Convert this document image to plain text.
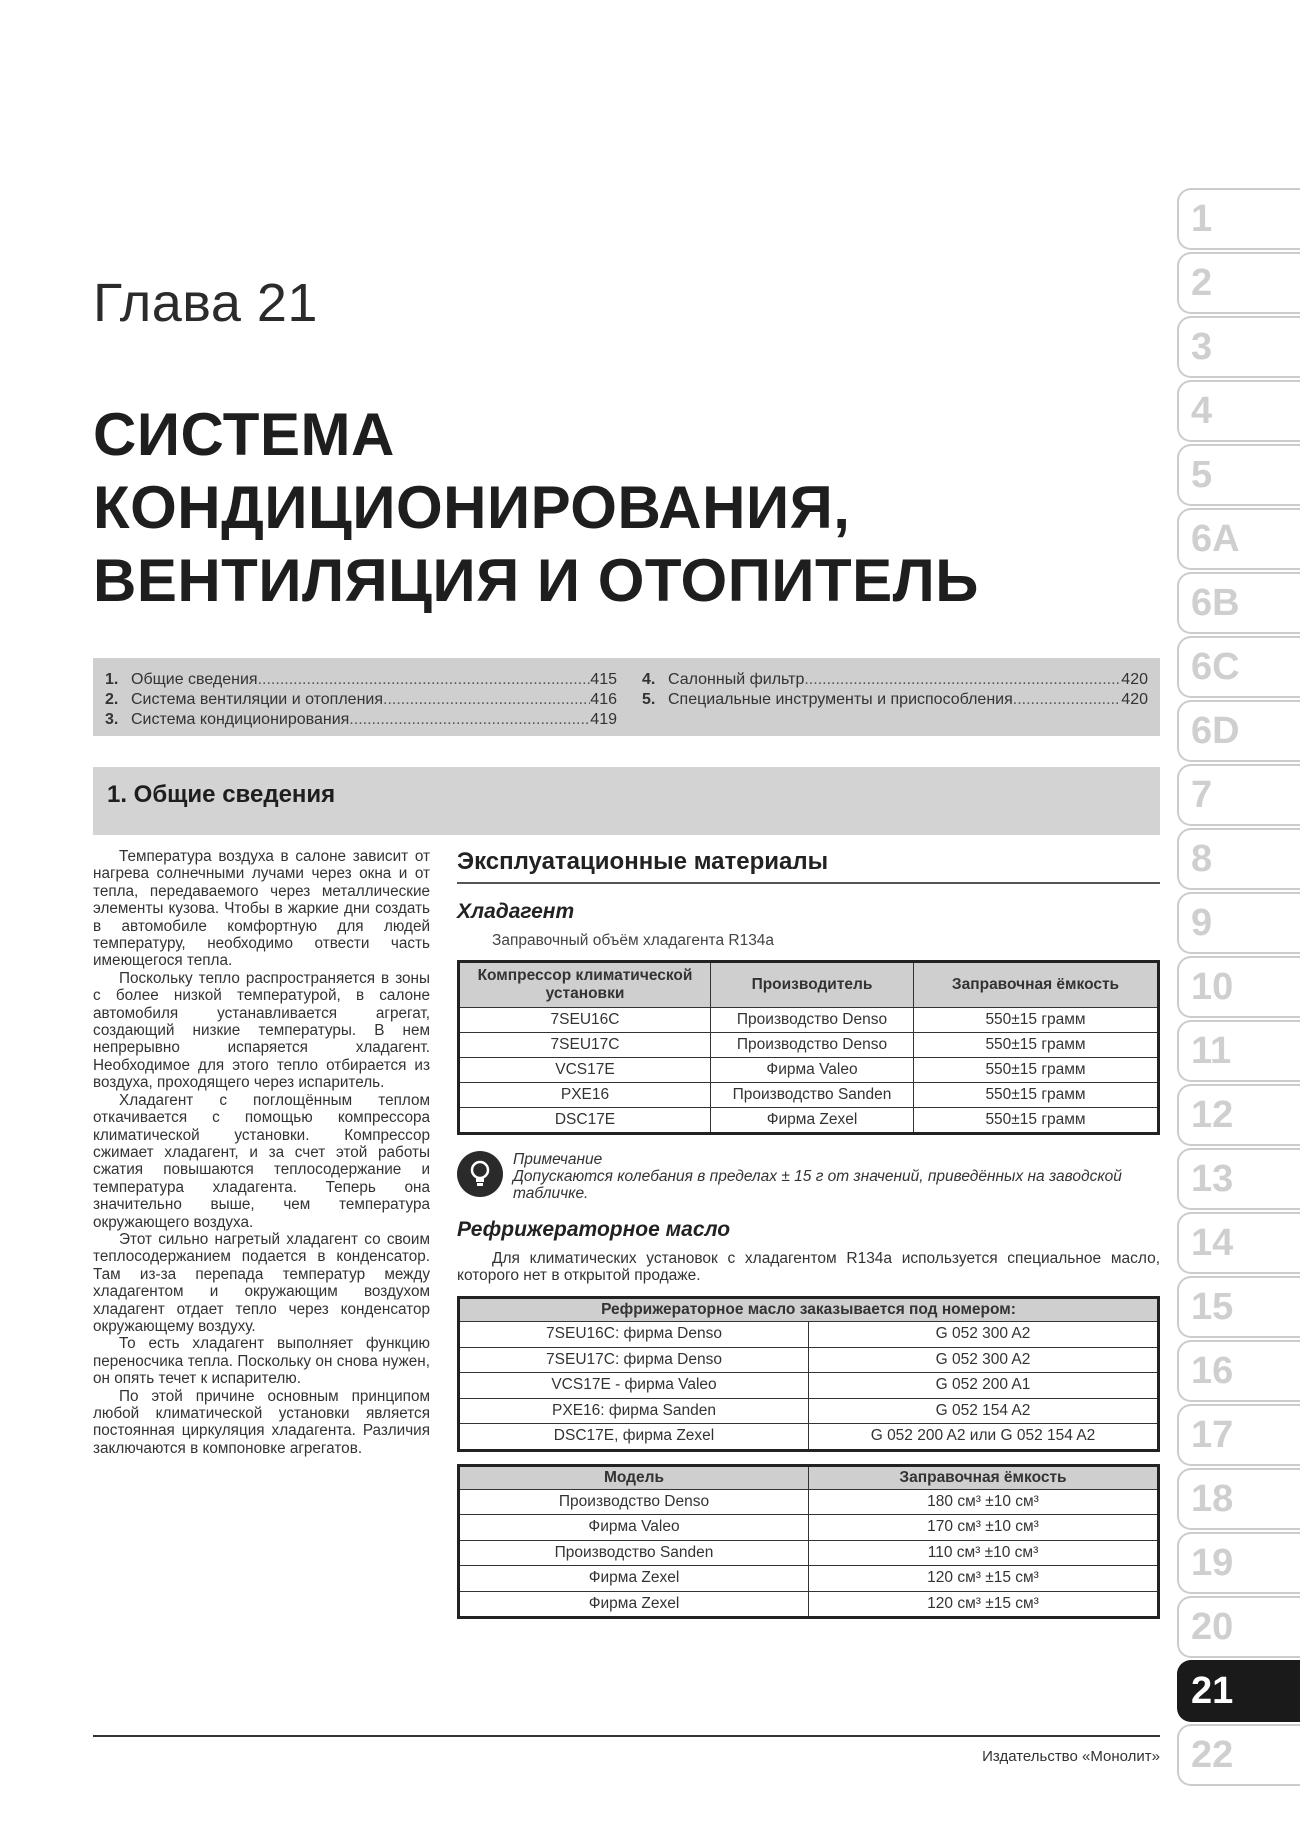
Глава 21
СИСТЕМА
КОНДИЦИОНИРОВАНИЯ,
ВЕНТИЛЯЦИЯ И ОТОПИТЕЛЬ
1. Общие сведения .....	415
2. Система вентиляции и отопления .....	416
3. Система кондиционирования .....	419
4. Салонный фильтр .....	420
5. Специальные инструменты и приспособления .....	420
1. Общие сведения

Температура воздуха в салоне зависит от нагрева солнечными лучами через окна и от тепла, передаваемого через металлические элементы кузова. Чтобы в жаркие дни создать в автомобиле комфортную для людей температуру, необходимо отвести часть имеющегося тепла.

Поскольку тепло распространяется в зоны с более низкой температурой, в салоне автомобиля устанавливается агрегат, создающий низкие температуры. В нем непрерывно испаряется хладагент. Необходимое для этого тепло отбирается из воздуха, проходящего через испаритель.

Хладагент с поглощённым теплом откачивается с помощью компрессора климатической установки. Компрессор сжимает хладагент, и за счет этой работы сжатия повышаются теплосодержание и температура хладагента. Теперь она значительно выше, чем температура окружающего воздуха.

Этот сильно нагретый хладагент со своим теплосодержанием подается в конденсатор. Там из-за перепада температур между хладагентом и окружающим воздухом хладагент отдает тепло через конденсатор окружающему воздуху.

То есть хладагент выполняет функцию переносчика тепла. Поскольку он снова нужен, он опять течет к испарителю.

По этой причине основным принципом любой климатической установки является постоянная циркуляция хладагента. Различия заключаются в компоновке агрегатов.

Эксплуатационные материалы
Хладагент
Заправочный объём хладагента R134a
Компрессор климатической установки	Производитель	Заправочная ёмкость
7SEU16C	Производство Denso	550±15 грамм
7SEU17C	Производство Denso	550±15 грамм
VCS17E	Фирма Valeo	550±15 грамм
PXE16	Производство Sanden	550±15 грамм
DSC17E	Фирма Zexel	550±15 грамм
Примечание
Допускаются колебания в пределах ± 15 г от значений, приведённых на заводской табличке.
Рефрижераторное масло
Для климатических установок с хладагентом R134a используется специальное масло, которого нет в открытой продаже.
Рефрижераторное масло заказывается под номером:	
7SEU16C: фирма Denso	G 052 300 A2
7SEU17C: фирма Denso	G 052 300 A2
VCS17E - фирма Valeo	G 052 200 A1
PXE16: фирма Sanden	G 052 154 A2
DSC17E, фирма Zexel	G 052 200 A2 или G 052 154 A2
Модель	Заправочная ёмкость
Производство Denso	180 см³ ±10 см³
Фирма Valeo	170 см³ ±10 см³
Производство Sanden	110 см³ ±10 см³
Фирма Zexel	120 см³ ±15 см³
Фирма Zexel	120 см³ ±15 см³
1
2
3
4
5
6A
6B
6C
6D
7
8
9
10
11
12
13
14
15
16
17
18
19
20
21
22
Издательство «Монолит»
